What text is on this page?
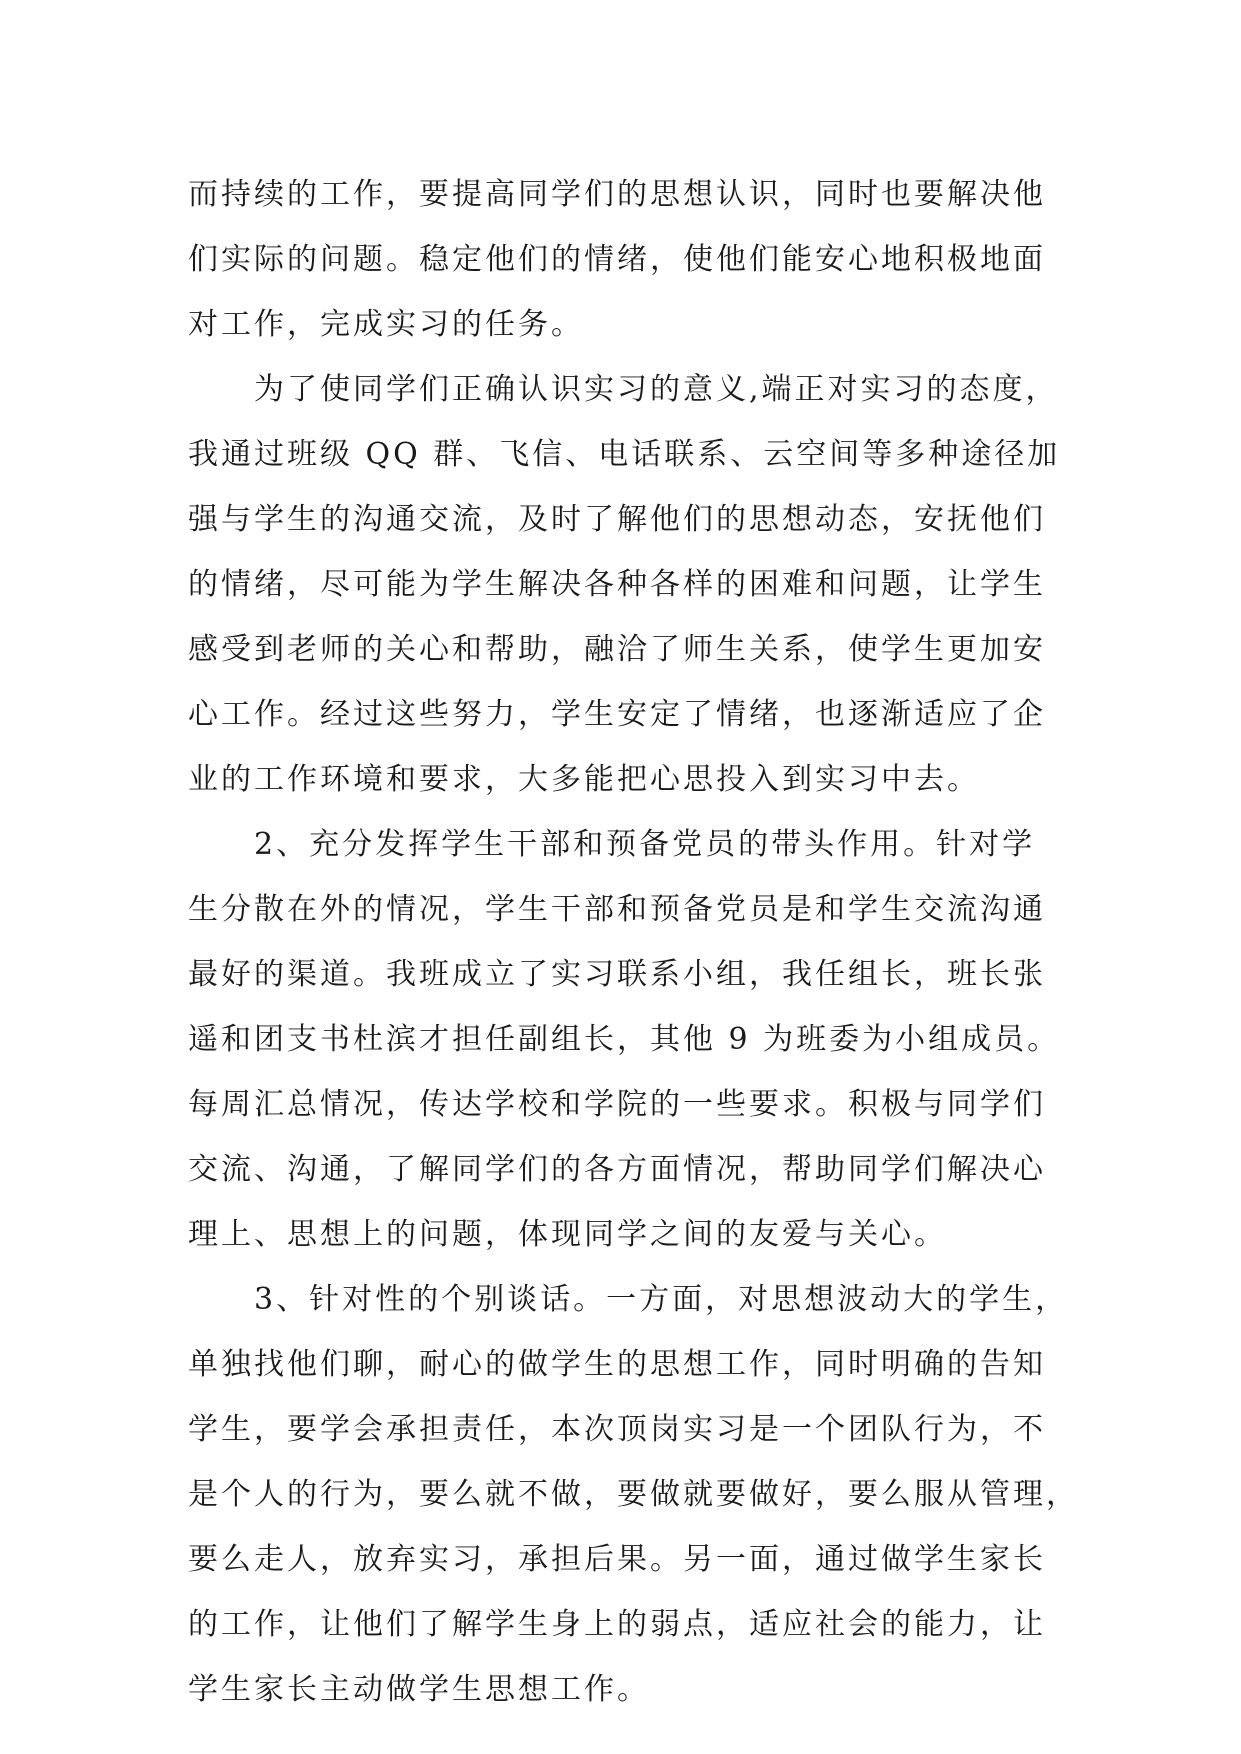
而持续的工作，要提高同学们的思想认识，同时也要解决他
们实际的问题。稳定他们的情绪，使他们能安心地积极地面
对工作，完成实习的任务。
为了使同学们正确认识实习的意义,端正对实习的态度，
我通过班级 QQ 群、飞信、电话联系、云空间等多种途径加
强与学生的沟通交流，及时了解他们的思想动态，安抚他们
的情绪，尽可能为学生解决各种各样的困难和问题，让学生
感受到老师的关心和帮助，融洽了师生关系，使学生更加安
心工作。经过这些努力，学生安定了情绪，也逐渐适应了企
业的工作环境和要求，大多能把心思投入到实习中去。
2、充分发挥学生干部和预备党员的带头作用。针对学
生分散在外的情况，学生干部和预备党员是和学生交流沟通
最好的渠道。我班成立了实习联系小组，我任组长，班长张
遥和团支书杜滨才担任副组长，其他 9 为班委为小组成员。
每周汇总情况，传达学校和学院的一些要求。积极与同学们
交流、沟通，了解同学们的各方面情况，帮助同学们解决心
理上、思想上的问题，体现同学之间的友爱与关心。
3、针对性的个别谈话。一方面，对思想波动大的学生，
单独找他们聊，耐心的做学生的思想工作，同时明确的告知
学生，要学会承担责任，本次顶岗实习是一个团队行为，不
是个人的行为，要么就不做，要做就要做好，要么服从管理，
要么走人，放弃实习，承担后果。另一面，通过做学生家长
的工作，让他们了解学生身上的弱点，适应社会的能力，让
学生家长主动做学生思想工作。
